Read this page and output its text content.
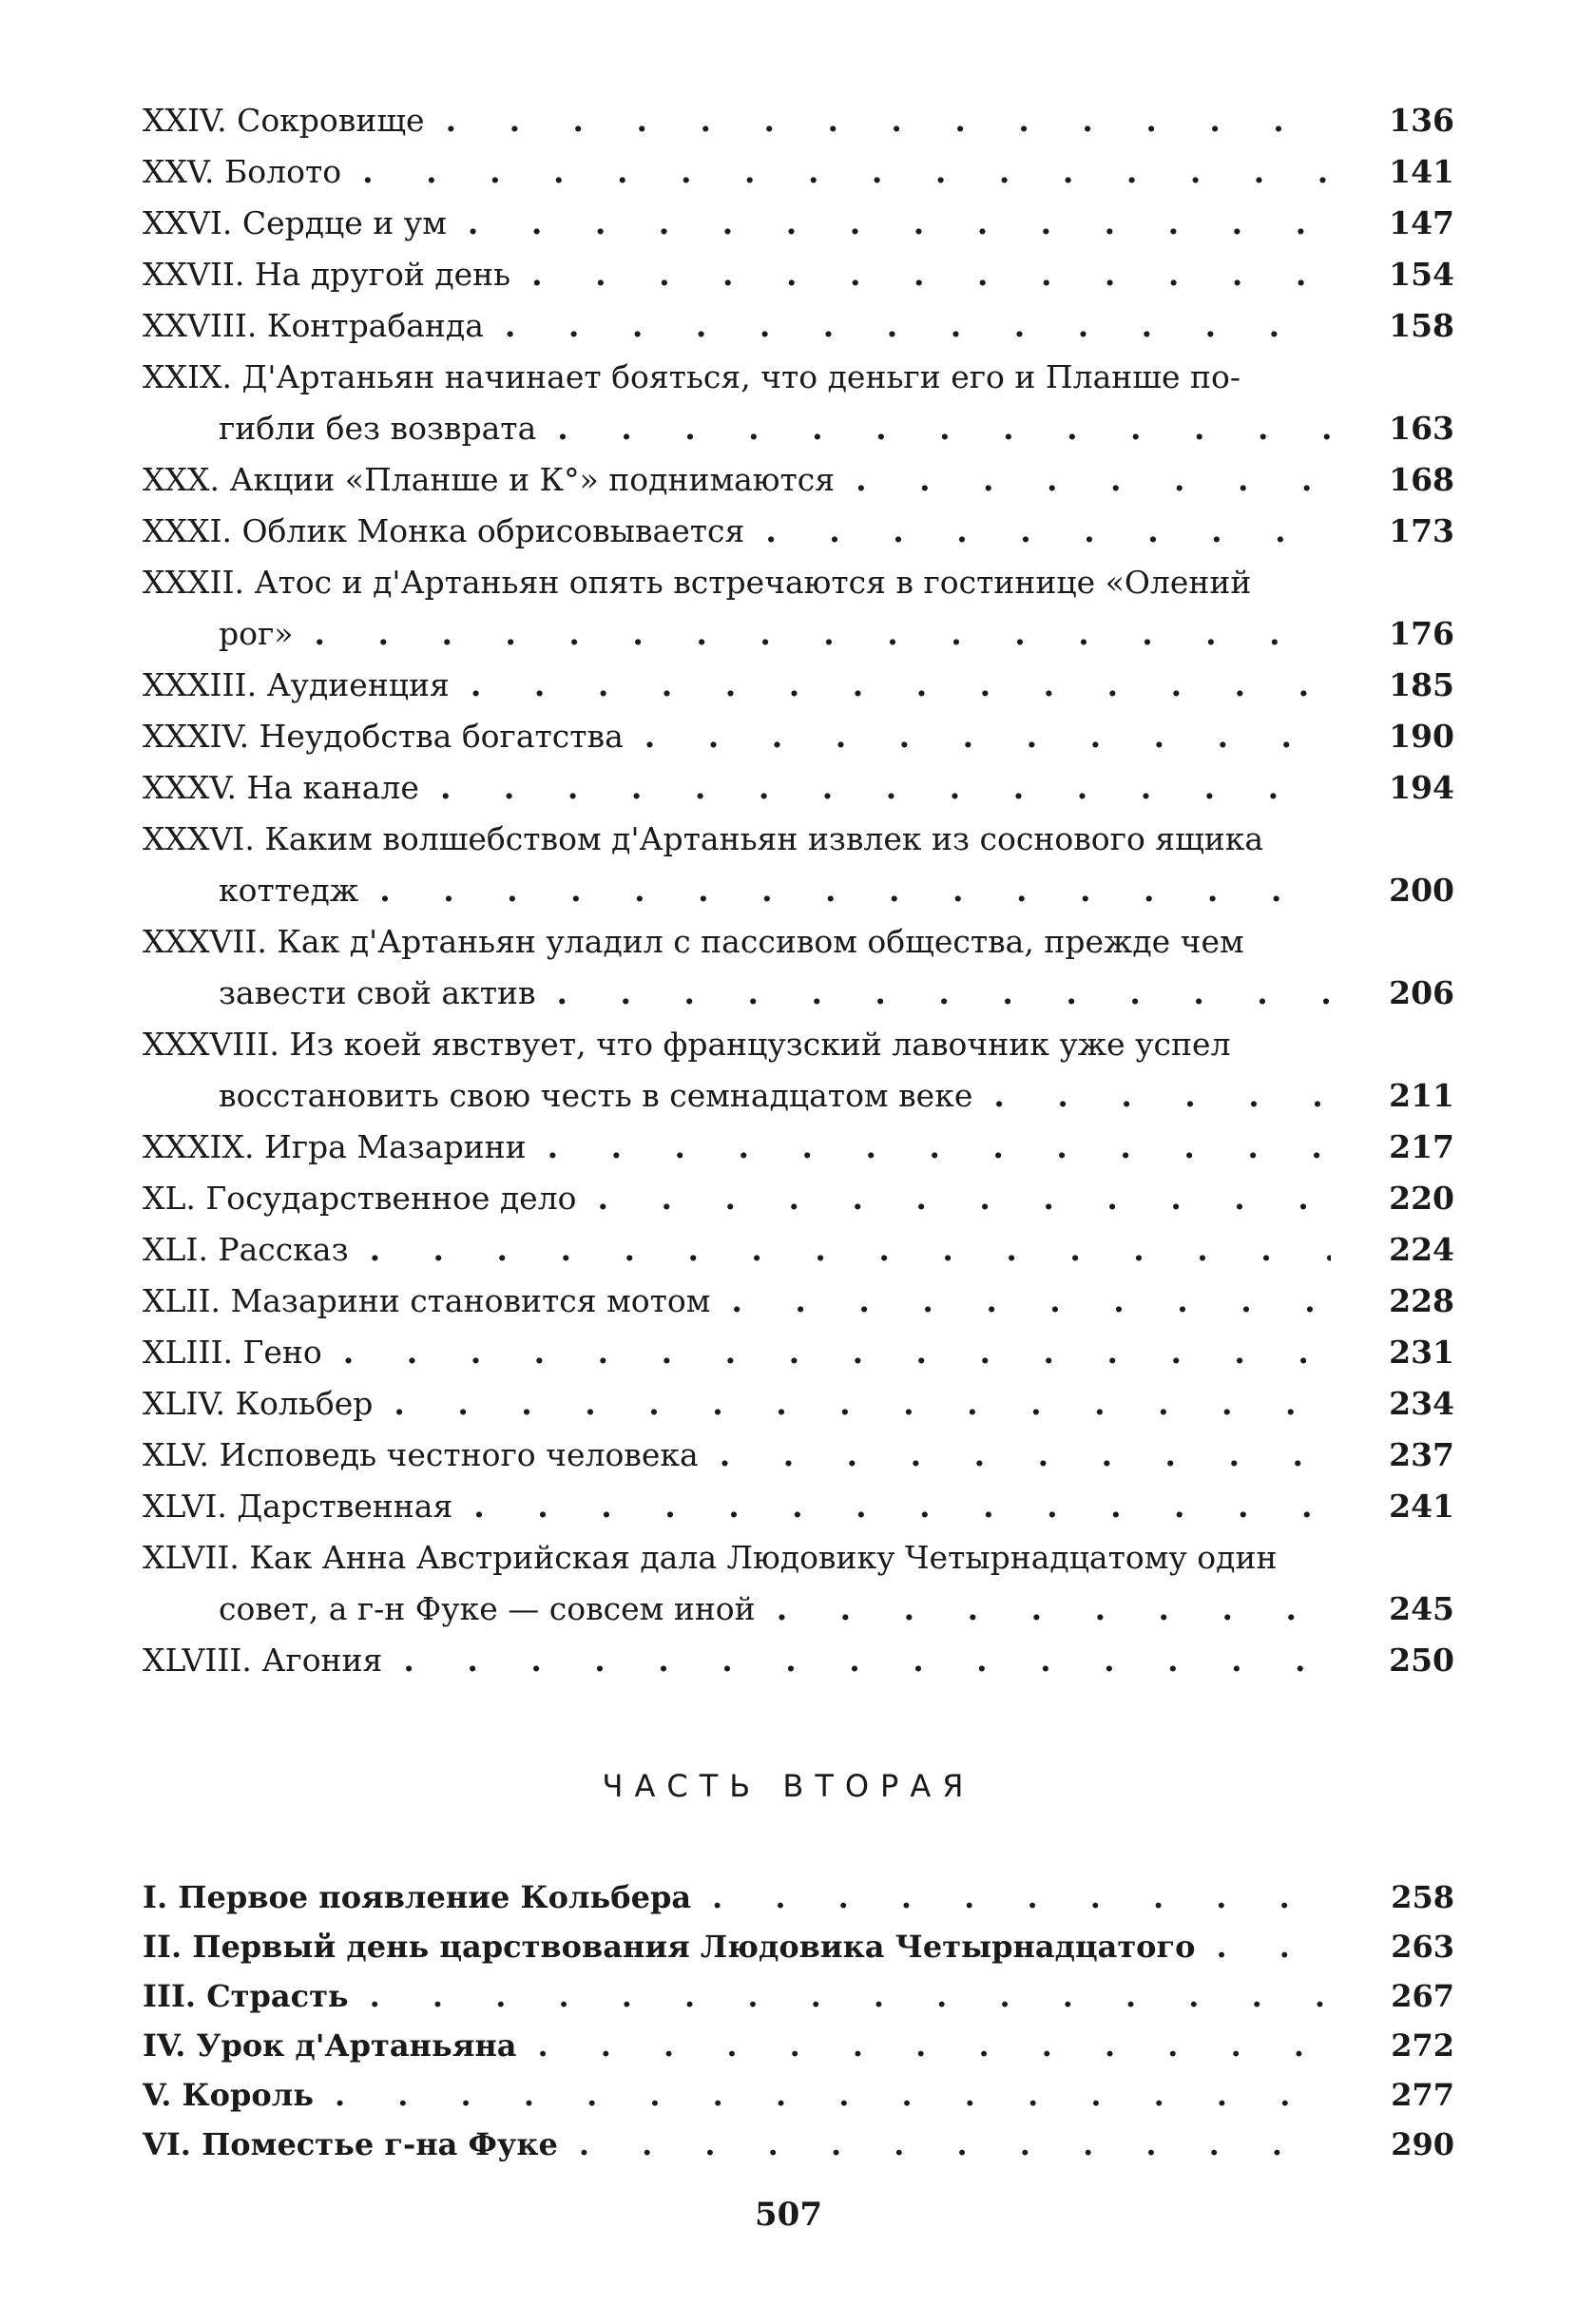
XXIV. Сокровище . . .	136
XXV. Болото . . .	141
XXVI. Сердце и ум . . .	147
XXVII. На другой день . . .	154
XXVIII. Контрабанда . . .	158
XXIX. Д'Артаньян начинает бояться, что деньги его и Планше по-
гибли без возврата . . .	163
XXX. Акции «Планше и К°» поднимаются . . .	168
XXXI. Облик Монка обрисовывается . . .	173
XXXII. Атос и д'Артаньян опять встречаются в гостинице «Олений
рог» . . .	176
XXXIII. Аудиенция . . .	185
XXXIV. Неудобства богатства . . .	190
XXXV. На канале . . .	194
XXXVI. Каким волшебством д'Артаньян извлек из соснового ящика
коттедж . . .	200
XXXVII. Как д'Артаньян уладил с пассивом общества, прежде чем
завести свой актив . . .	206
XXXVIII. Из коей явствует, что французский лавочник уже успел
восстановить свою честь в семнадцатом веке . . .	211
XXXIX. Игра Мазарини . . .	217
XL. Государственное дело . . .	220
XLI. Рассказ . . .	224
XLII. Мазарини становится мотом . . .	228
XLIII. Гено . . .	231
XLIV. Кольбер . . .	234
XLV. Исповедь честного человека . . .	237
XLVI. Дарственная . . .	241
XLVII. Как Анна Австрийская дала Людовику Четырнадцатому один
совет, а г-н Фуке — совсем иной . . .	245
XLVIII. Агония . . .	250
ЧАСТЬ ВТОРАЯ
I. Первое появление Кольбера . . .	258
II. Первый день царствования Людовика Четырнадцатого . . .	263
III. Страсть . . .	267
IV. Урок д'Артаньяна . . .	272
V. Король . . .	277
VI. Поместье г-на Фуке . . .	290
507
